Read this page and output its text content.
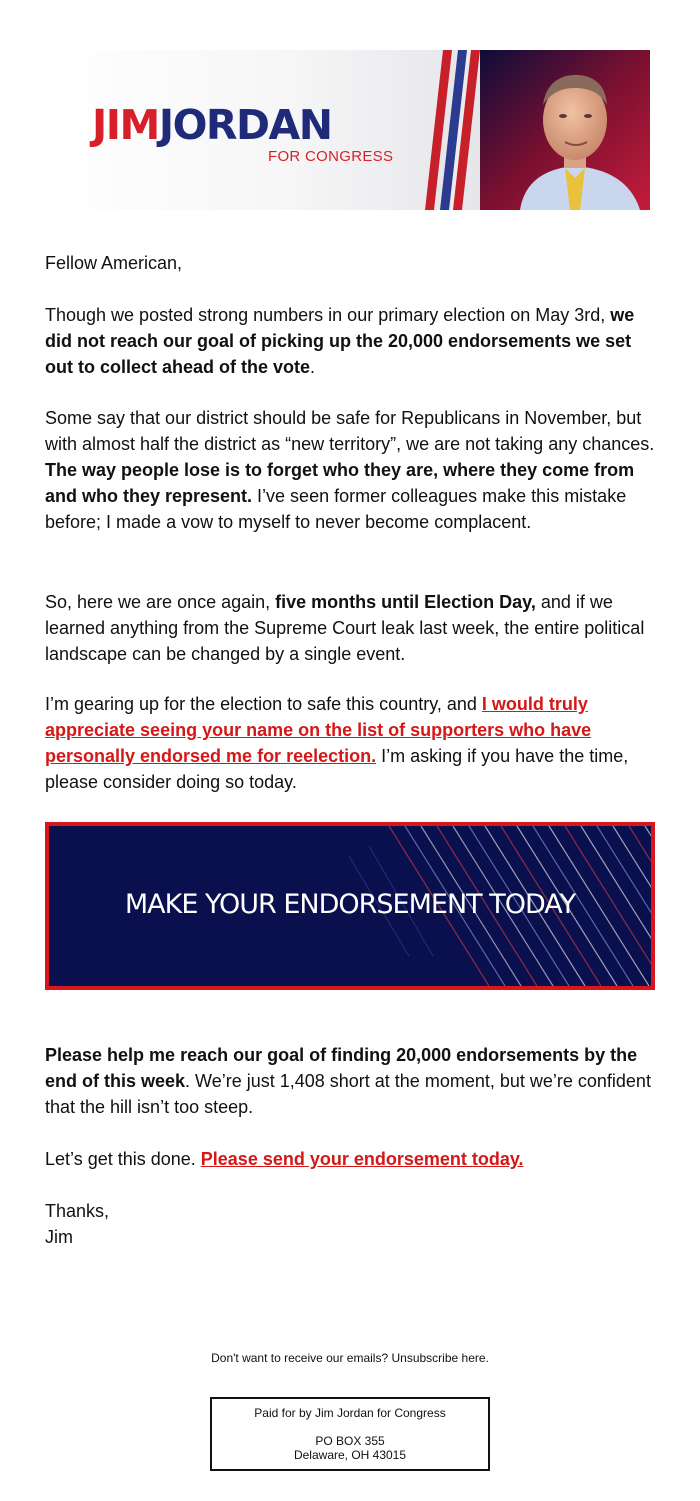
JIMJORDAN
FOR CONGRESS

Fellow American,

Though we posted strong numbers in our primary election on May 3rd, we did not reach our goal of picking up the 20,000 endorsements we set out to collect ahead of the vote.

Some say that our district should be safe for Republicans in November, but with almost half the district as “new territory”, we are not taking any chances. The way people lose is to forget who they are, where they come from and who they represent. I’ve seen former colleagues make this mistake before; I made a vow to myself to never become complacent.

So, here we are once again, five months until Election Day, and if we learned anything from the Supreme Court leak last week, the entire political landscape can be changed by a single event.

I’m gearing up for the election to safe this country, and I would truly appreciate seeing your name on the list of supporters who have personally endorsed me for reelection. I’m asking if you have the time, please consider doing so today.

MAKE YOUR ENDORSEMENT TODAY

Please help me reach our goal of finding 20,000 endorsements by the end of this week. We’re just 1,408 short at the moment, but we’re confident that the hill isn’t too steep.

Let’s get this done. Please send your endorsement today.

Thanks,
Jim

Don't want to receive our emails? Unsubscribe here.
Paid for by Jim Jordan for Congress
PO BOX 355
Delaware, OH 43015
